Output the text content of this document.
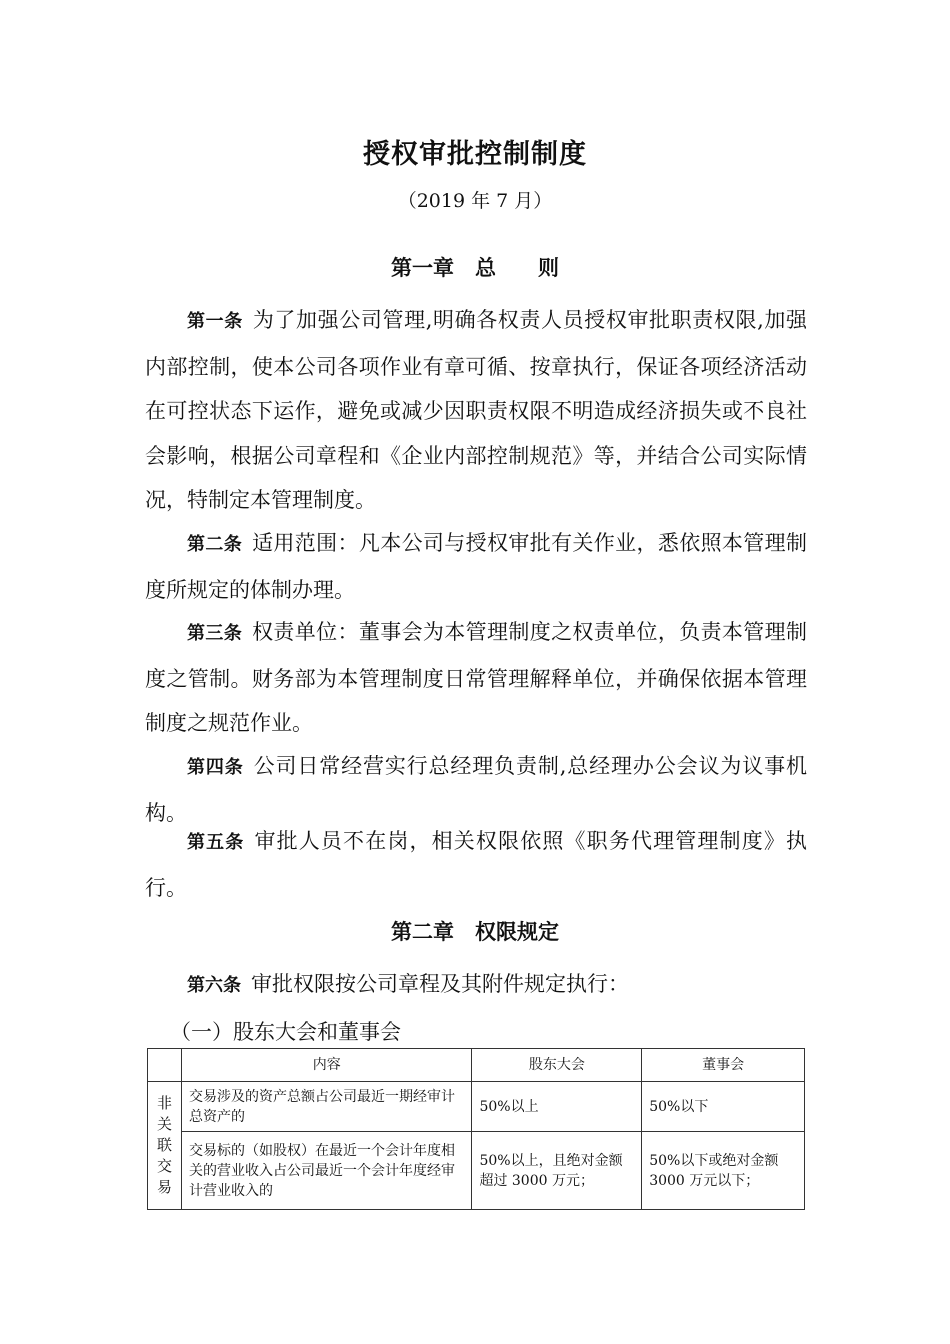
授权审批控制制度
（2019 年 7 月）
第一章　总　　则
第一条 为了加强公司管理,明确各权责人员授权审批职责权限,加强内部控制，使本公司各项作业有章可循、按章执行，保证各项经济活动在可控状态下运作，避免或减少因职责权限不明造成经济损失或不良社会影响，根据公司章程和《企业内部控制规范》等，并结合公司实际情况，特制定本管理制度。
第二条 适用范围：凡本公司与授权审批有关作业，悉依照本管理制度所规定的体制办理。
第三条 权责单位：董事会为本管理制度之权责单位，负责本管理制度之管制。财务部为本管理制度日常管理解释单位，并确保依据本管理制度之规范作业。
第四条 公司日常经营实行总经理负责制,总经理办公会议为议事机构。
第五条 审批人员不在岗，相关权限依照《职务代理管理制度》执行。
第二章　权限规定
第六条 审批权限按公司章程及其附件规定执行：
（一）股东大会和董事会
	内容	股东大会	董事会

非关联交易	交易涉及的资产总额占公司最近一期经审计总资产的	50%以上	50%以下
	交易标的（如股权）在最近一个会计年度相关的营业收入占公司最近一个会计年度经审计营业收入的	50%以上，且绝对金额超过 3000 万元；	50%以下或绝对金额 3000 万元以下；
